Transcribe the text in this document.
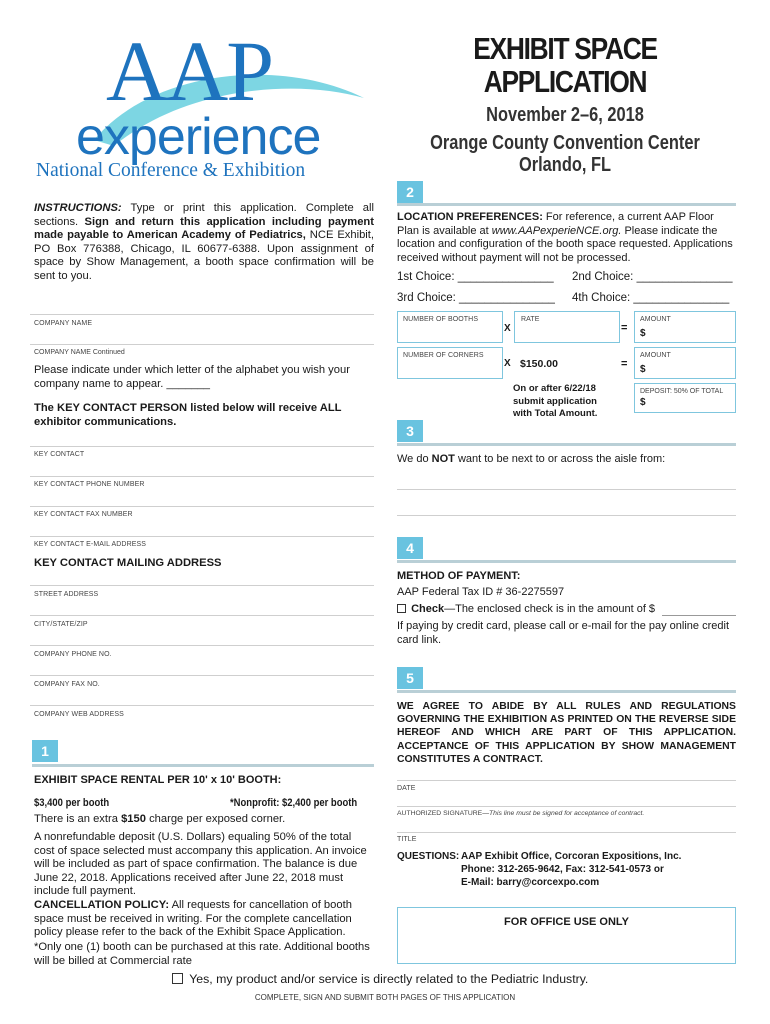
AAP
experience
National Conference & Exhibition
EXHIBIT SPACE
APPLICATION
November 2–6, 2018
Orange County Convention Center
Orlando, FL
INSTRUCTIONS: Type or print this application. Complete all sections. Sign and return this application including payment made payable to American Academy of Pediatrics, NCE Exhibit, PO Box 776388, Chicago, IL 60677-6388. Upon assignment of space by Show Management, a booth space confirmation will be sent to you.
COMPANY NAME
COMPANY NAME Continued
Please indicate under which letter of the alphabet you wish your company name to appear. _______
The KEY CONTACT PERSON listed below will receive ALL exhibitor communications.
KEY CONTACT
KEY CONTACT PHONE NUMBER
KEY CONTACT FAX NUMBER
KEY CONTACT E-MAIL ADDRESS
KEY CONTACT MAILING ADDRESS
STREET ADDRESS
CITY/STATE/ZIP
COMPANY PHONE NO.
COMPANY FAX NO.
COMPANY WEB ADDRESS
1
EXHIBIT SPACE RENTAL PER 10' x 10' BOOTH:
$3,400 per booth	*Nonprofit: $2,400 per booth
There is an extra $150 charge per exposed corner.
A nonrefundable deposit (U.S. Dollars) equaling 50% of the total cost of space selected must accompany this application. An invoice will be included as part of space confirmation. The balance is due June 22, 2018. Applications received after June 22, 2018 must include full payment.
CANCELLATION POLICY: All requests for cancellation of booth space must be received in writing. For the complete cancellation policy please refer to the back of the Exhibit Space Application.
*Only one (1) booth can be purchased at this rate. Additional booths will be billed at Commercial rate
2
LOCATION PREFERENCES: For reference, a current AAP Floor Plan is available at www.AAPexperieNCE.org. Please indicate the location and configuration of the booth space requested. Applications received without payment will not be processed.
1st Choice: _______________ 2nd Choice: _______________
3rd Choice: _______________ 4th Choice: _______________
NUMBER OF BOOTHS
X
RATE
=
AMOUNT
$
NUMBER OF CORNERS
X $150.00	=
AMOUNT
$
On or after 6/22/18 submit application with Total Amount.
DEPOSIT: 50% OF TOTAL
$
3
We do NOT want to be next to or across the aisle from:
4
METHOD OF PAYMENT:
AAP Federal Tax ID # 36-2275597
Check—The enclosed check is in the amount of $
If paying by credit card, please call or e-mail for the pay online credit card link.
5
WE AGREE TO ABIDE BY ALL RULES AND REGULATIONS GOVERNING THE EXHIBITION AS PRINTED ON THE REVERSE SIDE HEREOF AND WHICH ARE PART OF THIS APPLICATION. ACCEPTANCE OF THIS APPLICATION BY SHOW MANAGEMENT CONSTITUTES A CONTRACT.
DATE
AUTHORIZED SIGNATURE—This line must be signed for acceptance of contract.
TITLE
QUESTIONS: AAP Exhibit Office, Corcoran Expositions, Inc.
Phone: 312-265-9642, Fax: 312-541-0573 or
E-Mail: barry@corcexpo.com
FOR OFFICE USE ONLY
Yes, my product and/or service is directly related to the Pediatric Industry.
COMPLETE, SIGN AND SUBMIT BOTH PAGES OF THIS APPLICATION
